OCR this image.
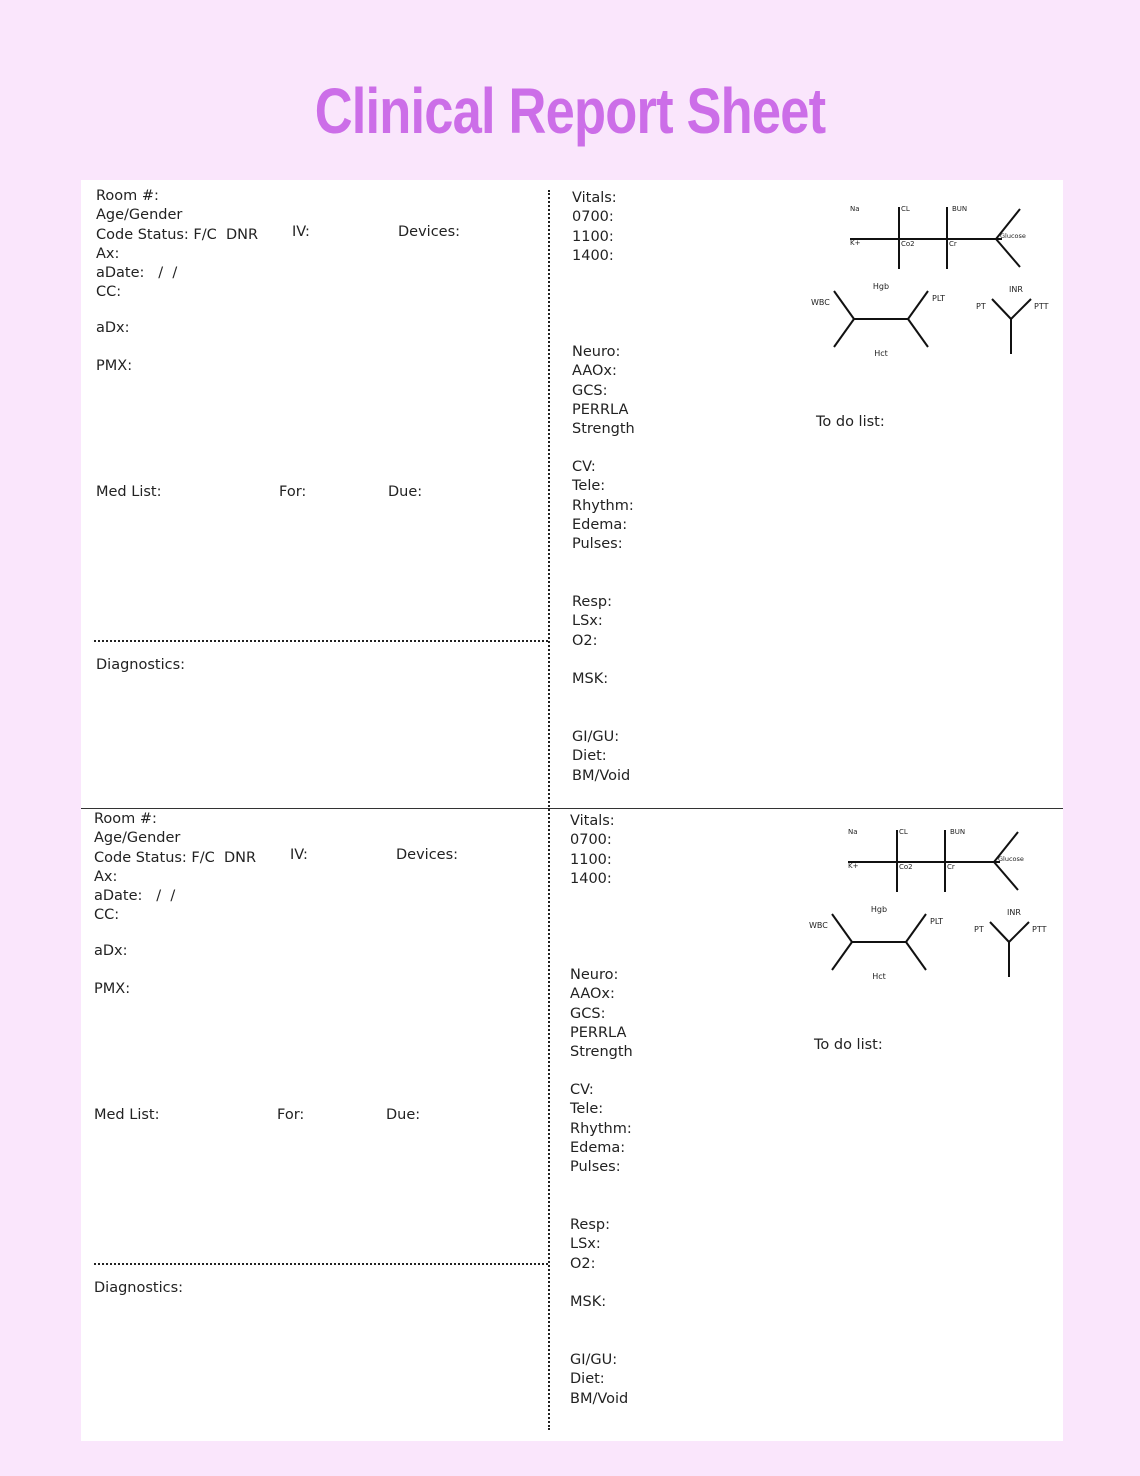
Clinical Report Sheet
Room #:
Age/Gender
Code Status: F/C  DNR
Ax:
aDate:   /  /
CC:
IV:	Devices:
aDx:
PMX:
Med List:	For:	Due:
Diagnostics:
Vitals:
0700:
1100:
1400:
Neuro:
AAOx:
GCS:
PERRLA
Strength
CV:
Tele:
Rhythm:
Edema:
Pulses:
Resp:
LSx:
O2:
MSK:
GI/GU:
Diet:
BM/Void
To do list:
Na	CL	BUN
K+	Co2	Cr
Glucose
WBC	PLT
INR
PT	PTT
Hgb
Hct
Room #:
Age/Gender
Code Status: F/C  DNR
Ax:
aDate:   /  /
CC:
IV:	Devices:
aDx:
PMX:
Med List:	For:	Due:
Diagnostics:
Vitals:
0700:
1100:
1400:
Neuro:
AAOx:
GCS:
PERRLA
Strength
CV:
Tele:
Rhythm:
Edema:
Pulses:
Resp:
LSx:
O2:
MSK:
GI/GU:
Diet:
BM/Void
To do list:
Na	CL	BUN
K+	Co2	Cr
Glucose
WBC	PLT
INR
PT	PTT
Hgb
Hct
